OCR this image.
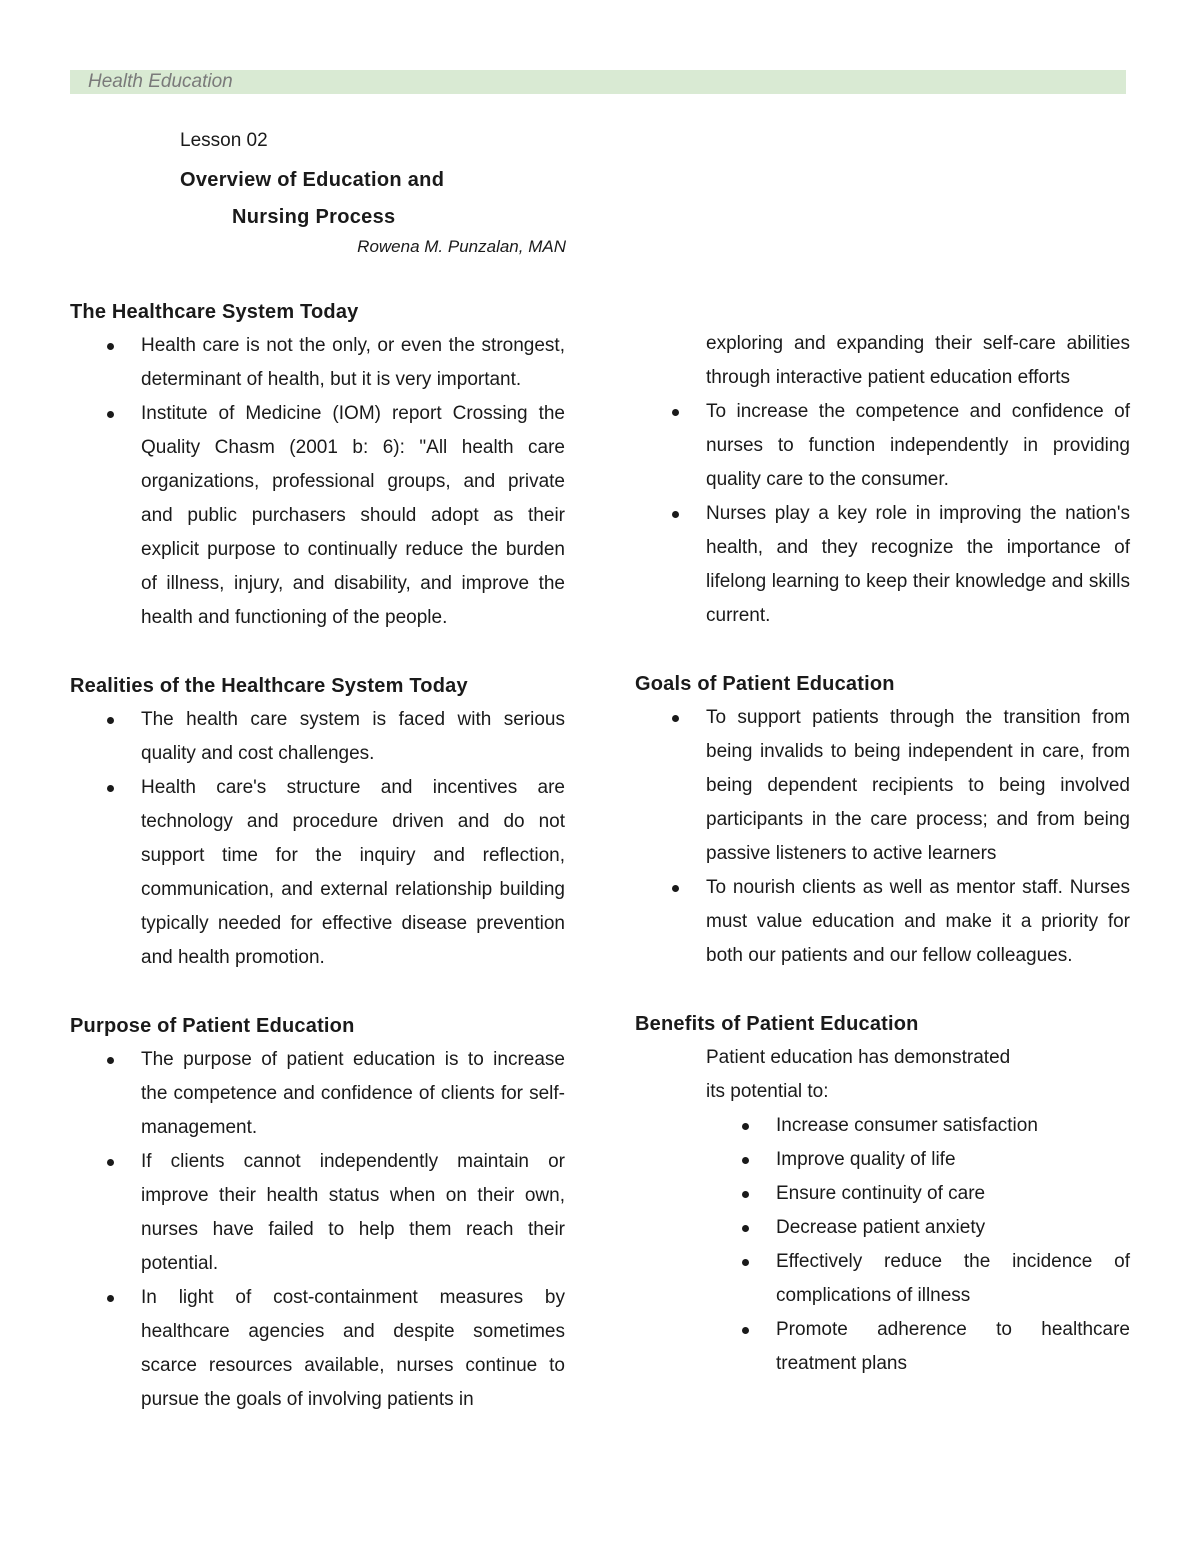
Health Education

Lesson 02

Overview of Education and
Nursing Process

Rowena M. Punzalan, MAN

The Healthcare System Today
Health care is not the only, or even the strongest, determinant of health, but it is very important.
Institute of Medicine (IOM) report Crossing the Quality Chasm (2001 b: 6): "All health care organizations, professional groups, and private and public purchasers should adopt as their explicit purpose to continually reduce the burden of illness, injury, and disability, and improve the health and functioning of the people.
Realities of the Healthcare System Today
The health care system is faced with serious quality and cost challenges.
Health care's structure and incentives are technology and procedure driven and do not support time for the inquiry and reflection, communication, and external relationship building typically needed for effective disease prevention and health promotion.
Purpose of Patient Education
The purpose of patient education is to increase the competence and confidence of clients for self-management.
If clients cannot independently maintain or improve their health status when on their own, nurses have failed to help them reach their potential.
In light of cost-containment measures by healthcare agencies and despite sometimes scarce resources available, nurses continue to pursue the goals of involving patients in

exploring and expanding their self-care abilities through interactive patient education efforts

To increase the competence and confidence of nurses to function independently in providing quality care to the consumer.
Nurses play a key role in improving the nation's health, and they recognize the importance of lifelong learning to keep their knowledge and skills current.
Goals of Patient Education
To support patients through the transition from being invalids to being independent in care, from being dependent recipients to being involved participants in the care process; and from being passive listeners to active learners
To nourish clients as well as mentor staff. Nurses must value education and make it a priority for both our patients and our fellow colleagues.
Benefits of Patient Education

Patient education has demonstrated

its potential to:

Increase consumer satisfaction
Improve quality of life
Ensure continuity of care
Decrease patient anxiety
Effectively reduce the incidence of complications of illness
Promote adherence to healthcare treatment plans
